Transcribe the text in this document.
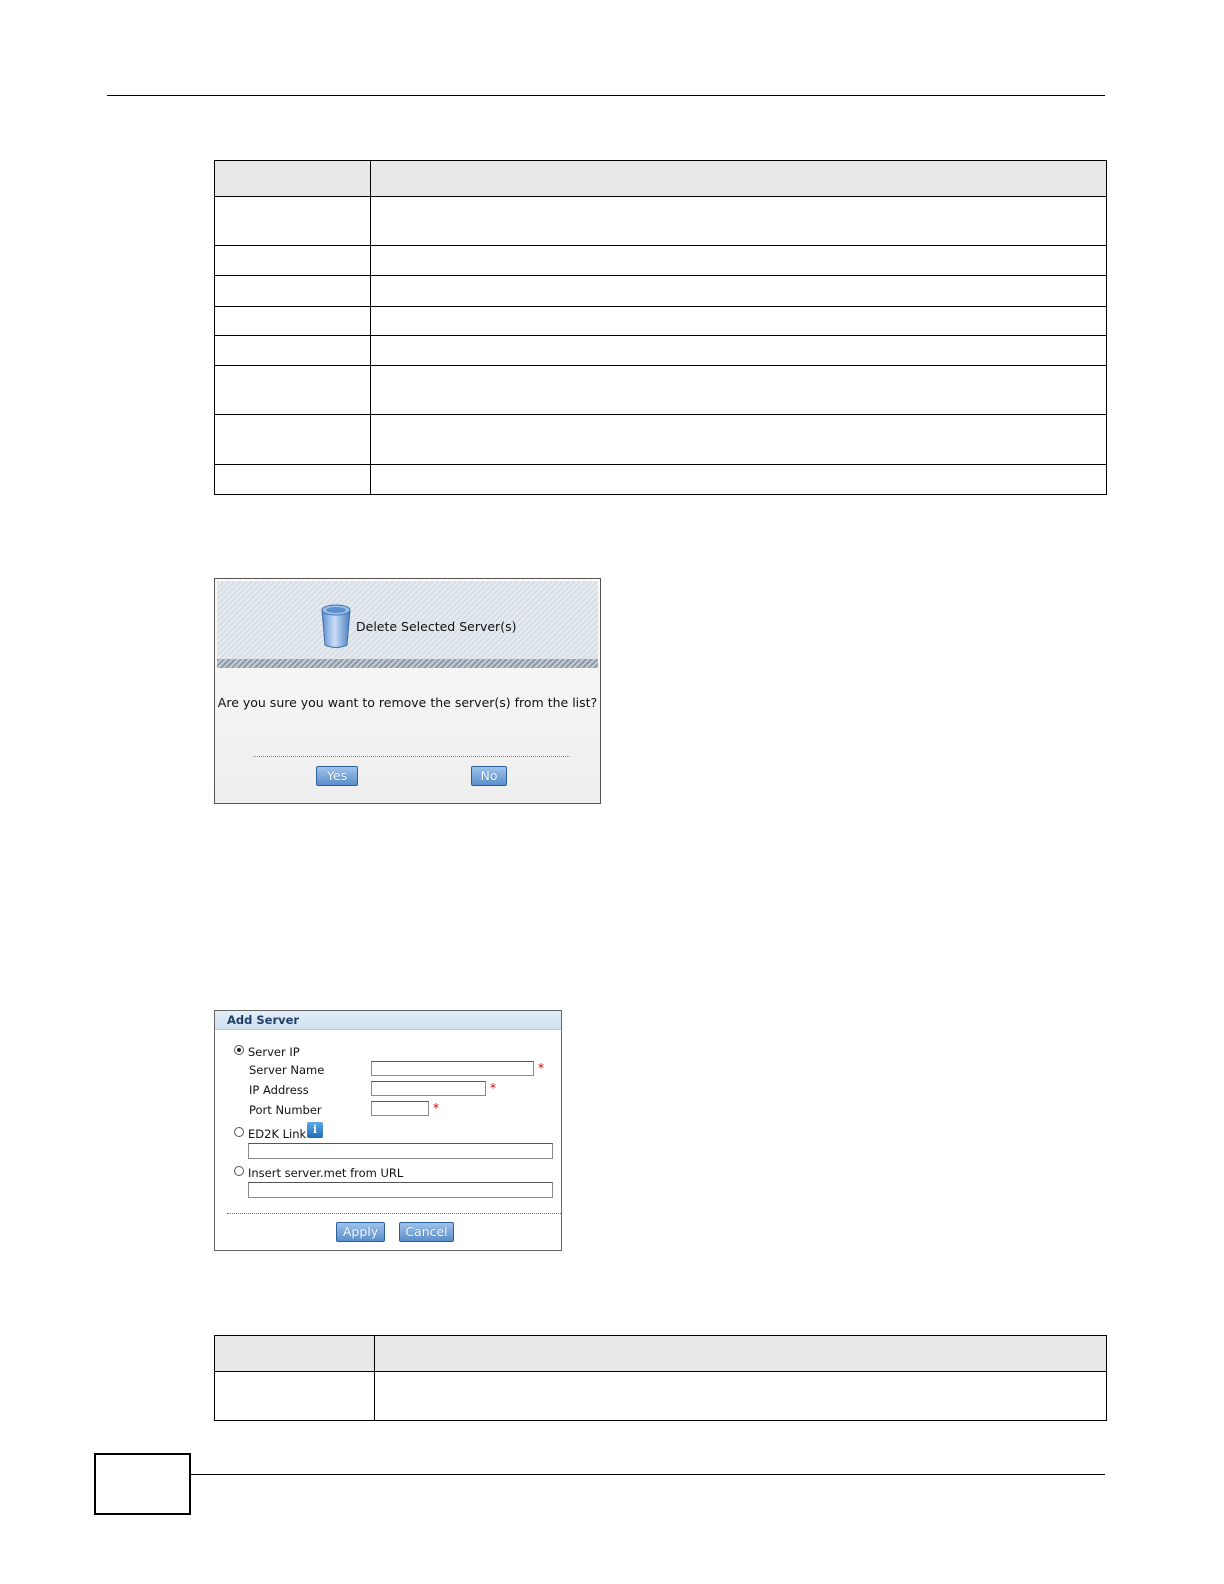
Delete Selected Server(s)
Are you sure you want to remove the server(s) from the list?
Yes	No
Add Server
Server IP
Server Name	*
IP Address	*
Port Number	*
ED2K Link i
Insert server.met from URL
Apply	Cancel
